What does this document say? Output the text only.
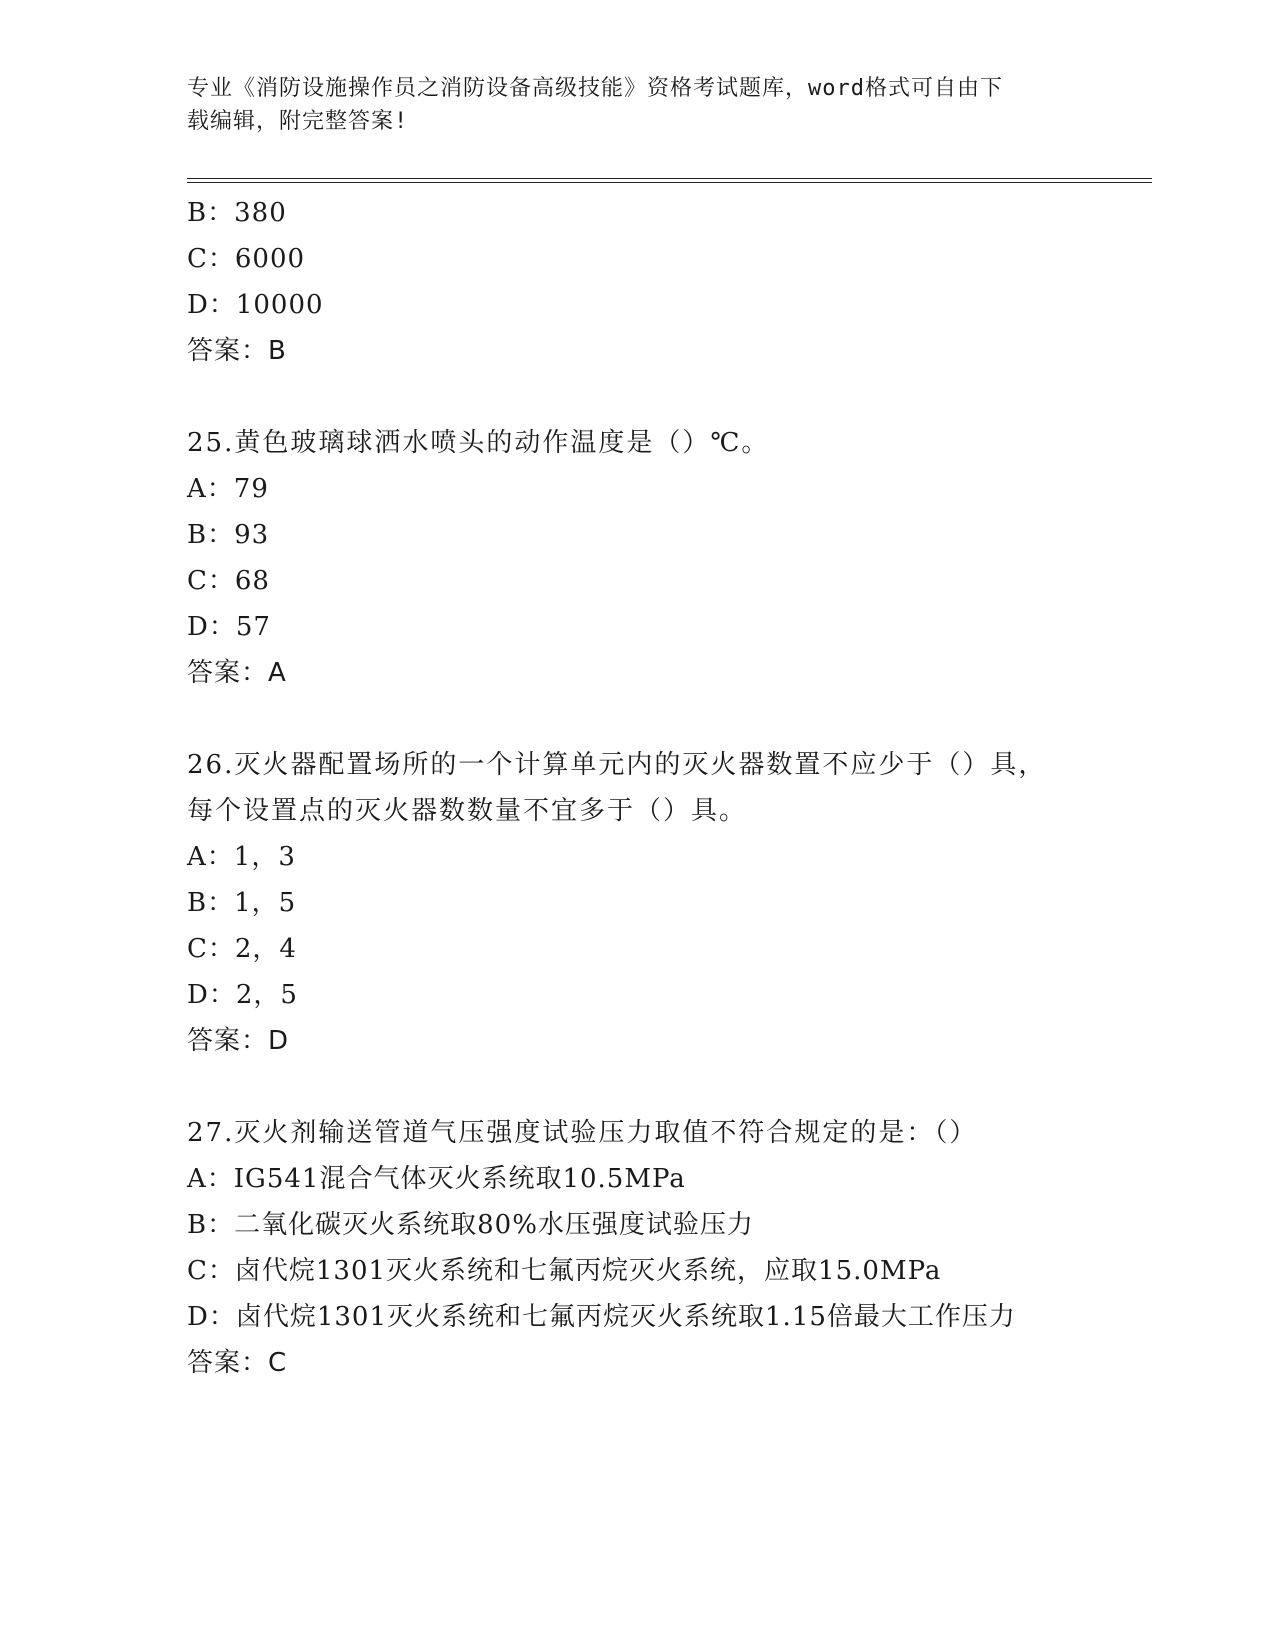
专业《消防设施操作员之消防设备高级技能》资格考试题库，word格式可自由下
载编辑，附完整答案!
B：380
C：6000
D：10000
答案：B
25.黄色玻璃球洒水喷头的动作温度是（）℃。
A：79
B：93
C：68
D：57
答案：A
26.灭火器配置场所的一个计算单元内的灭火器数置不应少于（）具，
每个设置点的灭火器数数量不宜多于（）具。
A：1，3
B：1，5
C：2，4
D：2，5
答案：D
27.灭火剂输送管道气压强度试验压力取值不符合规定的是：（）
A：IG541混合气体灭火系统取10.5MPa
B：二氧化碳灭火系统取80%水压强度试验压力
C：卤代烷1301灭火系统和七氟丙烷灭火系统，应取15.0MPa
D：卤代烷1301灭火系统和七氟丙烷灭火系统取1.15倍最大工作压力
答案：C
